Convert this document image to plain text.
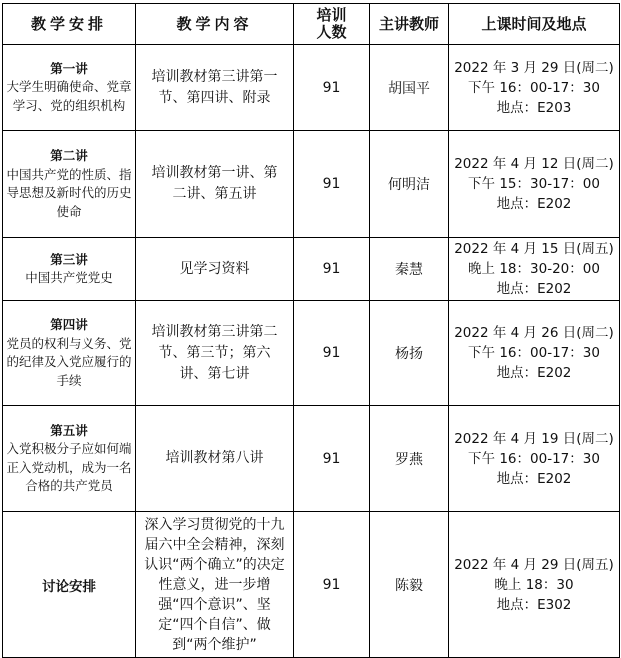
教学安排	教学内容	培训人数	主讲教师	上课时间及地点

第一讲
大学生明确使命、党章学习、党的组织机构	培训教材第三讲第一节、第四讲、附录	91	胡国平	2022 年 3 月 29 日(周二)
下午 16：00-17：30
地点：E203

第二讲
中国共产党的性质、指导思想及新时代的历史使命	培训教材第一讲、第二讲、第五讲	91	何明洁	2022 年 4 月 12 日(周二)
下午 15：30-17：00
地点：E202

第三讲
中国共产党党史	见学习资料	91	秦慧	2022 年 4 月 15 日(周五)
晚上 18：30-20：00
地点：E202

第四讲
党员的权利与义务、党的纪律及入党应履行的手续	培训教材第三讲第二节、第三节；第六讲、第七讲	91	杨扬	2022 年 4 月 26 日(周二)
下午 16：00-17：30
地点：E202

第五讲
入党积极分子应如何端正入党动机，成为一名合格的共产党员	培训教材第八讲	91	罗燕	2022 年 4 月 19 日(周二)
下午 16：00-17：30
地点：E202

讨论安排	深入学习贯彻党的十九届六中全会精神，深刻认识“两个确立”的决定性意义，进一步增强“四个意识”、坚定“四个自信”、做到“两个维护”	91	陈毅	2022 年 4 月 29 日(周五)
晚上 18：30
地点：E302
